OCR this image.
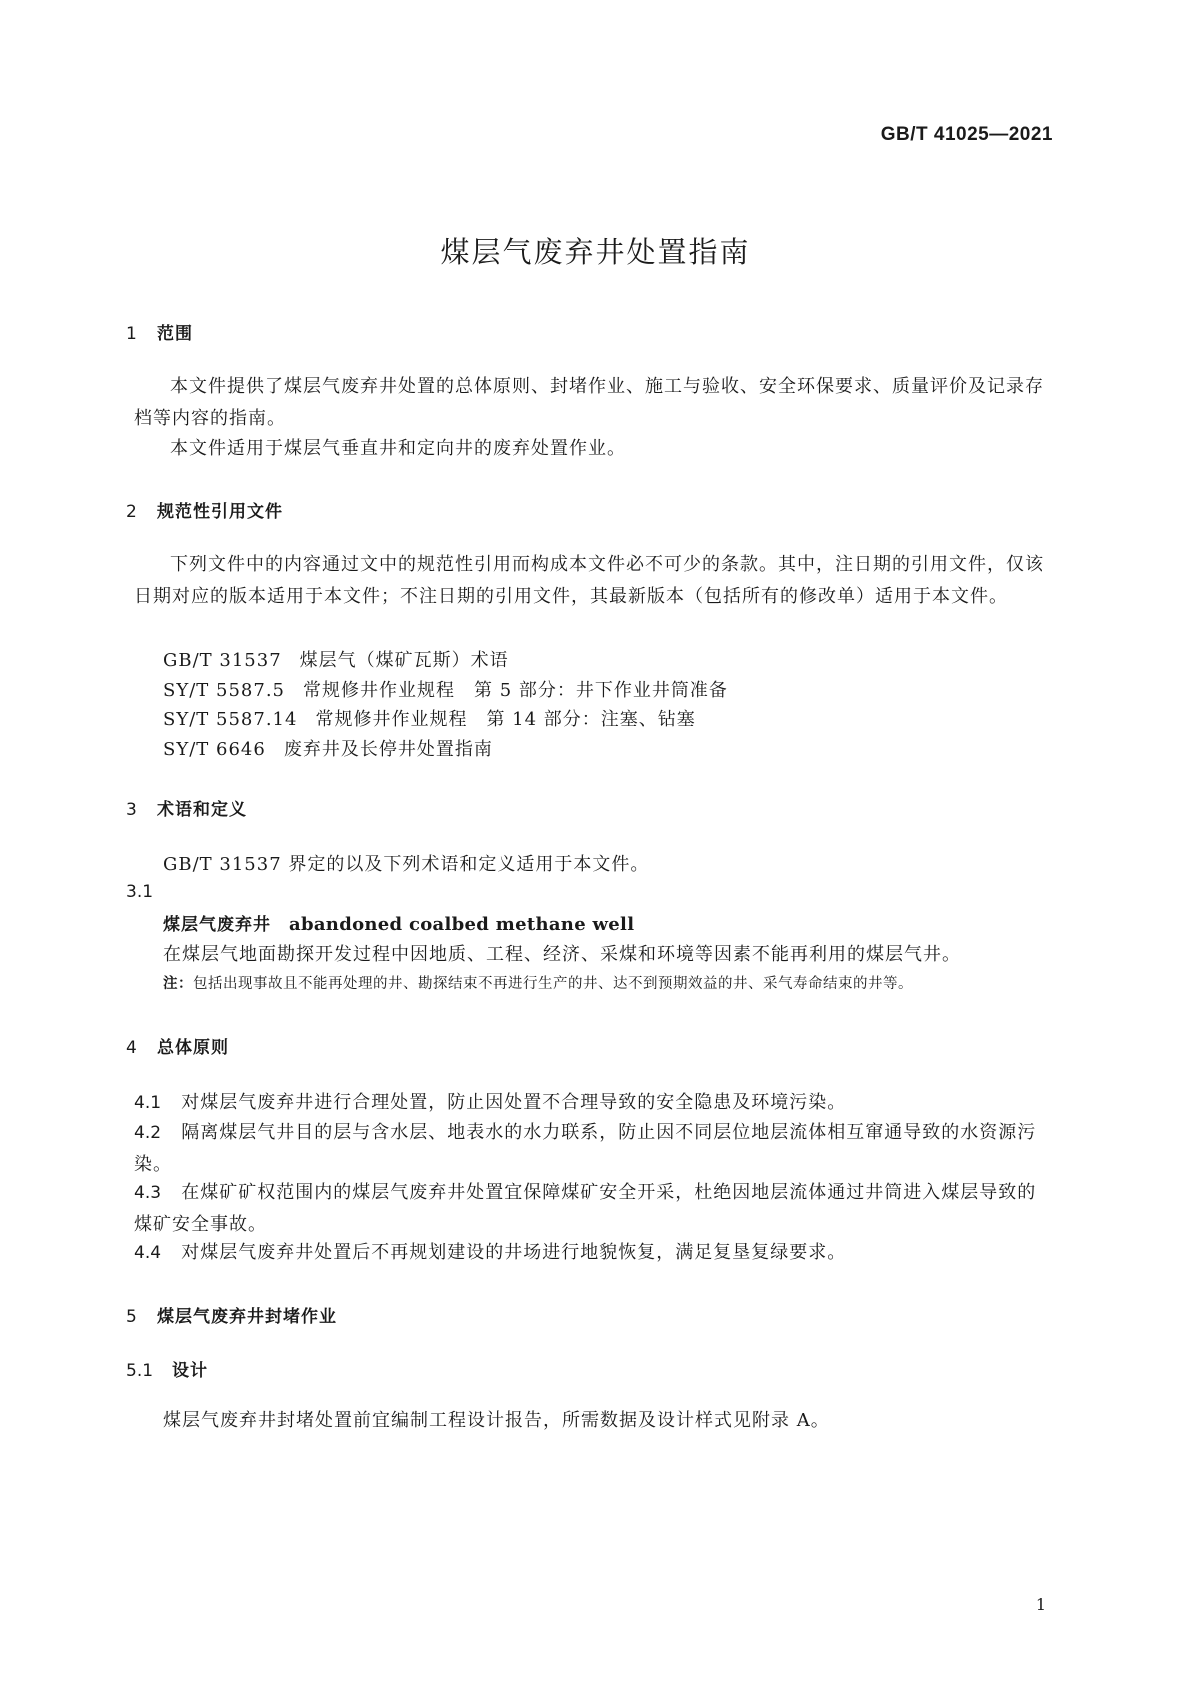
GB/T 41025—2021
煤层气废弃井处置指南
1 范围
本文件提供了煤层气废弃井处置的总体原则、封堵作业、施工与验收、安全环保要求、质量评价及记录存档等内容的指南。
本文件适用于煤层气垂直井和定向井的废弃处置作业。
2 规范性引用文件
下列文件中的内容通过文中的规范性引用而构成本文件必不可少的条款。其中，注日期的引用文件，仅该日期对应的版本适用于本文件；不注日期的引用文件，其最新版本（包括所有的修改单）适用于本文件。
GB/T 31537 煤层气（煤矿瓦斯）术语
SY/T 5587.5 常规修井作业规程　第 5 部分：井下作业井筒准备
SY/T 5587.14 常规修井作业规程　第 14 部分：注塞、钻塞
SY/T 6646 废弃井及长停井处置指南
3 术语和定义
GB/T 31537 界定的以及下列术语和定义适用于本文件。
3.1
煤层气废弃井 abandoned coalbed methane well
在煤层气地面勘探开发过程中因地质、工程、经济、采煤和环境等因素不能再利用的煤层气井。
注：包括出现事故且不能再处理的井、勘探结束不再进行生产的井、达不到预期效益的井、采气寿命结束的井等。
4 总体原则
4.1 对煤层气废弃井进行合理处置，防止因处置不合理导致的安全隐患及环境污染。
4.2 隔离煤层气井目的层与含水层、地表水的水力联系，防止因不同层位地层流体相互窜通导致的水资源污染。
4.3 在煤矿矿权范围内的煤层气废弃井处置宜保障煤矿安全开采，杜绝因地层流体通过井筒进入煤层导致的煤矿安全事故。
4.4 对煤层气废弃井处置后不再规划建设的井场进行地貌恢复，满足复垦复绿要求。
5 煤层气废弃井封堵作业
5.1 设计
煤层气废弃井封堵处置前宜编制工程设计报告，所需数据及设计样式见附录 A。
1
